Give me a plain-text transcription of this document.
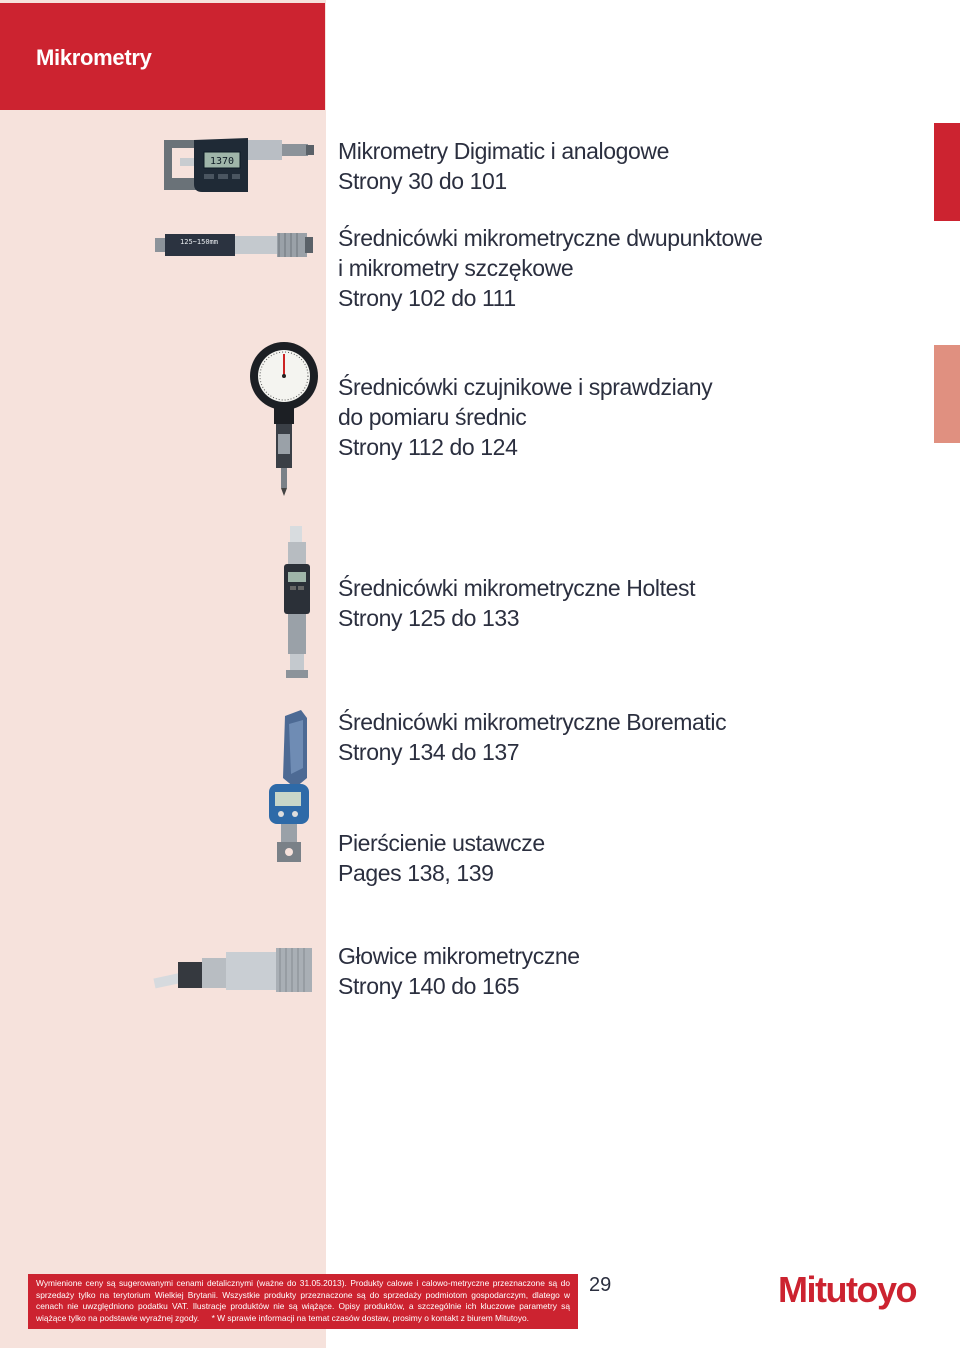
Mikrometry
1370
125~150mm
Mikrometry Digimatic i analogowe
Strony 30 do 101
Średnicówki mikrometryczne dwupunktowe
i mikrometry szczękowe
Strony 102 do 111
Średnicówki czujnikowe i sprawdziany
do pomiaru średnic
Strony 112 do 124
Średnicówki mikrometryczne Holtest
Strony 125 do 133
Średnicówki mikrometryczne Borematic
Strony 134 do 137
Pierścienie ustawcze
Pages 138, 139
Głowice mikrometryczne
Strony 140 do 165
Wymienione ceny są sugerowanymi cenami detalicznymi (ważne do 31.05.2013). Produkty calowe i calowo-metryczne przeznaczone są do sprzedaży tylko na terytorium Wielkiej Brytanii. Wszystkie produkty przeznaczone są do sprzedaży podmiotom gospodarczym, dlatego w cenach nie uwzględniono podatku VAT. Ilustracje produktów nie są wiążące. Opisy produktów, a szczególnie ich kluczowe parametry są wiążące tylko na podstawie wyraźnej zgody. * W sprawie informacji na temat czasów dostaw, prosimy o kontakt z biurem Mitutoyo.
29	Mitutoyo
